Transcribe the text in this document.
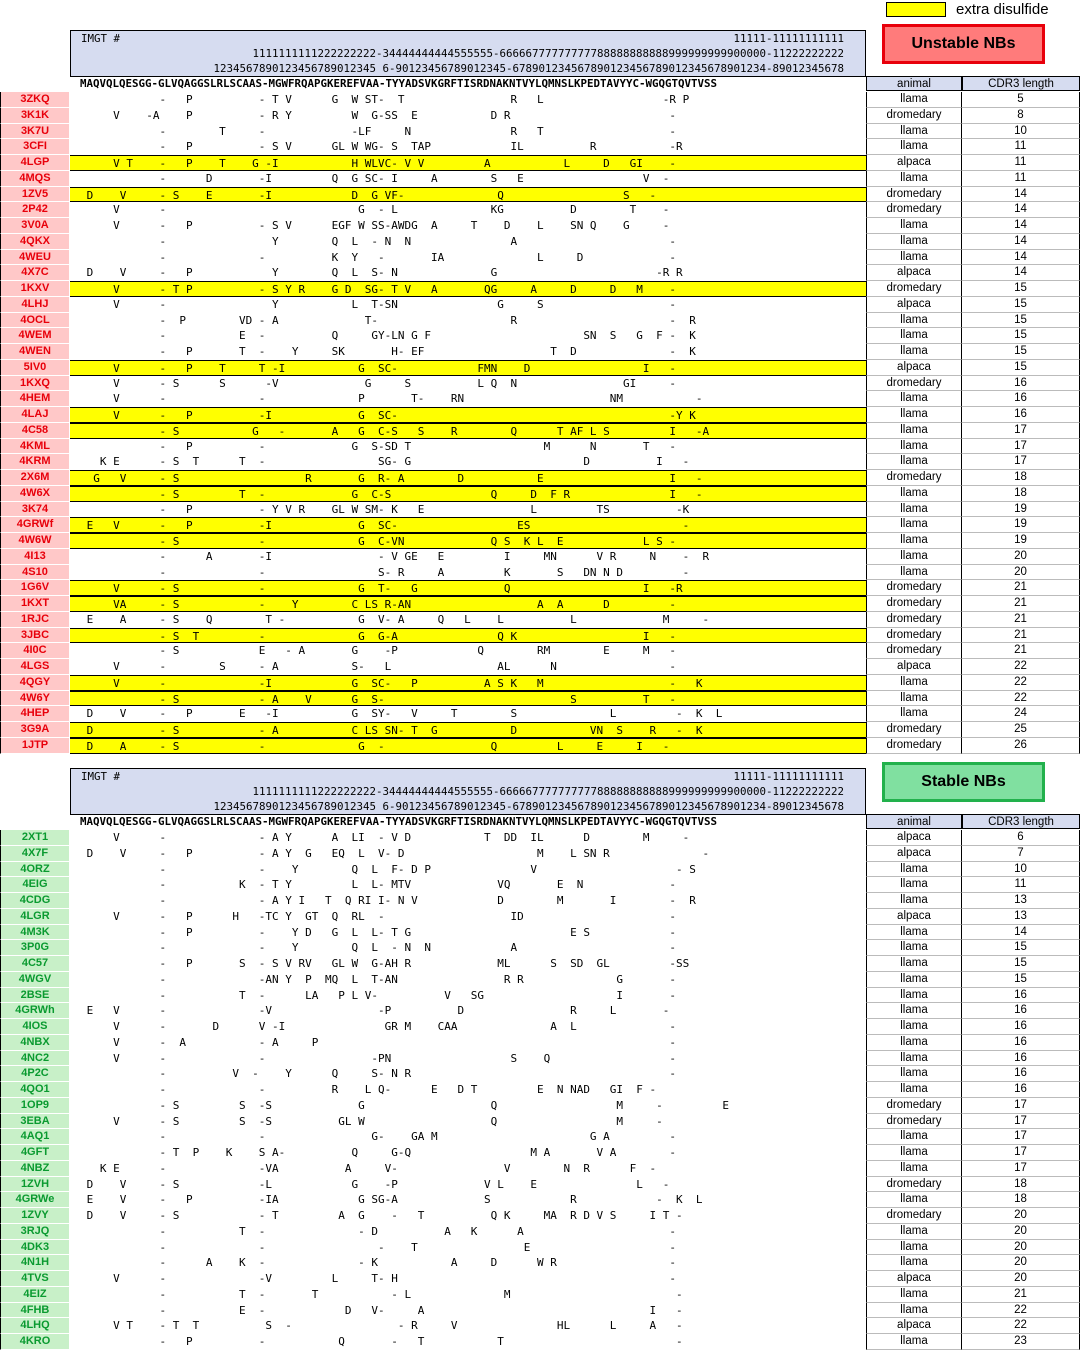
extra disulfide
Unstable NBs
IMGT #	11111-11111111111
1111111111222222222-34444444444555555-66666777777777788888888888999999999900000-11222222222
1234567890123456789012345 6-90123456789012345-678901234567890123456789012345678901234-89012345678
MAQVQLQESGG-GLVQAGGSLRLSCAAS-MGWFRQAPGKEREFVAA-TYYADSVKGRFTISRDNAKNTVYLQMNSLKPEDTAVYYC-WGQGTQVTVSS	animal	CDR3 length
3ZKQ	-   P          - T V      G  W ST-  T                R   L                  -R P	llama	5
3K1K	V    -A    P          - R Y         W  G-SS  E           D R                        -	dromedary	8
3K7U	-        T     -             -LF     N               R   T                   -	llama	10
3CFI	-   P          - S V      GL W WG- S  TAP            IL          R           -R	llama	11
4LGP	V T    -   P    T    G -I           H WLVC- V V         A           L     D   GI    -	alpaca	11
4MQS	-      D       -I         Q  G SC- I     A        S   E                  V  -	llama	11
1ZV5	D    V     - S    E       -I            D  G VF-              Q                  S   -	dromedary	14
2P42	V      -                             G  - L              KG          D        T    -	dromedary	14
3V0A	V      -   P          - S V      EGF W SS-AWDG  A     T    D    L    SN Q    G     -	llama	14
4QKX	-                Y        Q  L  - N  N               A                       -	llama	14
4WEU	-              -          K  Y   -       IA              L     D             -	llama	14
4X7C	D    V     -   P            Y        Q  L  S- N              G                        -R R	alpaca	14
1KXV	V      - T P          - S Y R    G D  SG- T V   A       QG     A     D     D   M    -	dromedary	15
4LHJ	V      -                Y           L  T-SN               G     S                   -	alpaca	15
4OCL	-  P        VD - A             T-                    R                       -  R	llama	15
4WEM	-           E  -          Q     GY-LN G F                       SN  S   G  F -  K	llama	15
4WEN	-   P       T  -    Y     SK       H- EF                   T  D              -  K	llama	15
5IV0	V      -   P    T     T -I           G  SC-            FMN    D                 I   -	alpaca	15
1KXQ	V      - S      S      -V             G     S          L Q  N                GI     -	dromedary	16
4HEM	V      -              -              P       T-    RN                      NM           -	llama	16
4LAJ	V      -   P          -I             G  SC-                                         -Y K	llama	16
4C58	- S           G   -       A   G  C-S   S    R        Q      T AF L S         I   -A	llama	17
4KML	-   P          -             G  S-SD T                    M      N       T   -	llama	17
4KRM	K E      - S  T      T  -                 SG- G                          D          I   -	llama	17
2X6M	G   V     - S                   R       G  R- A        D           E                   I   -	dromedary	18
4W6X	- S         T  -             G  C-S               Q     D  F R               I   -	llama	18
3K74	-   P          - Y V R    GL W SM- K   E                L         TS          -K	llama	19
4GRWf	E   V      -   P          -I             G  SC-                  ES                       -	llama	19
4W6W	- S            -              G  C-VN             Q S  K L  E            L S -	llama	19
4I13	-      A       -I                - V GE   E         I     MN      V R     N    -  R	llama	20
4S10	-              -                 S- R     A         K       S   DN N D         -	llama	20
1G6V	V      - S            -              G  T-   G             Q                    I   -R	dromedary	21
1KXT	VA     - S            -    Y        C LS R-AN                   A  A      D         -	dromedary	21
1RJC	E    A     - S    Q        T -           G  V- A     Q   L    L          L             M     -	dromedary	21
3JBC	- S  T         -              G  G-A               Q K                   I   -	dromedary	21
4I0C	- S            E   - A       G    -P            Q        RM        E     M   -	dromedary	21
4LGS	V      -        S     - A           S-   L                AL      N                 -	alpaca	22
4QGY	V      -              -I            G  SC-   P          A S K   M                   -   K	llama	22
4W6Y	- S            - A    V      G  S-                            S          T   -	llama	22
4HEP	D    V     -   P       E   -I           G  SY-   V     T        S              L         -  K  L	llama	24
3G9A	D          - S            - A           C LS SN- T  G           D           VN  S    R   -  K	dromedary	25
1JTP	D    A     - S            -              G  -                Q         L     E     I   -	dromedary	26
Stable NBs
IMGT #	11111-11111111111
1111111111222222222-34444444444555555-66666777777777788888888888999999999900000-11222222222
1234567890123456789012345 6-90123456789012345-678901234567890123456789012345678901234-89012345678
MAQVQLQESGG-GLVQAGGSLRLSCAAS-MGWFRQAPGKEREFVAA-TYYADSVKGRFTISRDNAKNTVYLQMNSLKPEDTAVYYC-WGQGTQVTVSS	animal	CDR3 length
2XT1	V      -              - A Y      A  LI  - V D           T  DD  IL      D        M     -	alpaca	6
4X7F	D    V     -   P          - A Y  G   EQ  L  V- D                    M    L SN R              -	alpaca	7
4ORZ	-              -    Y        Q  L  F- D P               V                     - S	llama	10
4EIG	-           K  - T Y         L  L- MTV             VQ       E  N             -	llama	11
4CDG	-              - A Y I   T  Q RI I- N V            D        M       I        -  R	llama	13
4LGR	V      -   P      H   -TC Y  GT  Q  RL  -                   ID                      -	alpaca	13
4M3K	-   P          -    Y D   G  L  L- T G                        E S            -	llama	14
3P0G	-              -    Y        Q  L  - N  N            A                       -	llama	15
4C57	-   P       S  - S V RV   GL W  G-AH R             ML      S  SD  GL         -SS	llama	15
4WGV	-              -AN Y  P  MQ  L  T-AN                R R              G       -	llama	15
2BSE	-           T  -      LA   P L V-          V   SG                    I       -	llama	16
4GRWh	E   V      -              -V                -P          D                R     L       -	llama	16
4IOS	V      -       D      V -I               GR M    CAA              A  L              -	llama	16
4NBX	V      -  A           - A     P                                                     -	llama	16
4NC2	V      -              -                -PN                  S    Q                  -	llama	16
4P2C	-          V  -    Y      Q     S- N R                                       -	llama	16
4QO1	-              -          R    L Q-      E   D T         E  N NAD   GI  F -	llama	16
1OP9	- S         S  -S             G                   Q                  M     -         E	dromedary	17
3EBA	V      - S         S  -S          GL W                   Q                  M     -	dromedary	17
4AQ1	-              -                G-    GA M                       G A         -	llama	17
4GFT	- T  P    K    S A-          Q     G-Q                  M A       V A        -	llama	17
4NBZ	K E      -              -VA          A     V-                V        N  R      F  -	llama	17
1ZVH	D    V     - S            -L            G    -P             V L    E               L   -	dromedary	18
4GRWe	E    V     -   P          -IA            G SG-A             S            R            -  K  L	llama	18
1ZVY	D    V     - S            - T         A  G    -   T          Q K     MA  R D V S     I T -	dromedary	20
3RJQ	-           T  -              - D          A   K      A                      -	llama	20
4DK3	-              -                 -    T                E                     -	llama	20
4N1H	-      A    K  -              - K           A     D      W R                 -	llama	20
4TVS	V      -              -V         L     T- H                                         -	alpaca	20
4EIZ	-           T  -       T           - L              M                         -	llama	21
4FHB	-           E  -            D   V-     A                                  I   -	llama	22
4LHQ	V T    - T  T          S  -                - R     V               HL      L     A   -	alpaca	22
4KRO	-   P          -           Q       -   T           T                          -	llama	23
